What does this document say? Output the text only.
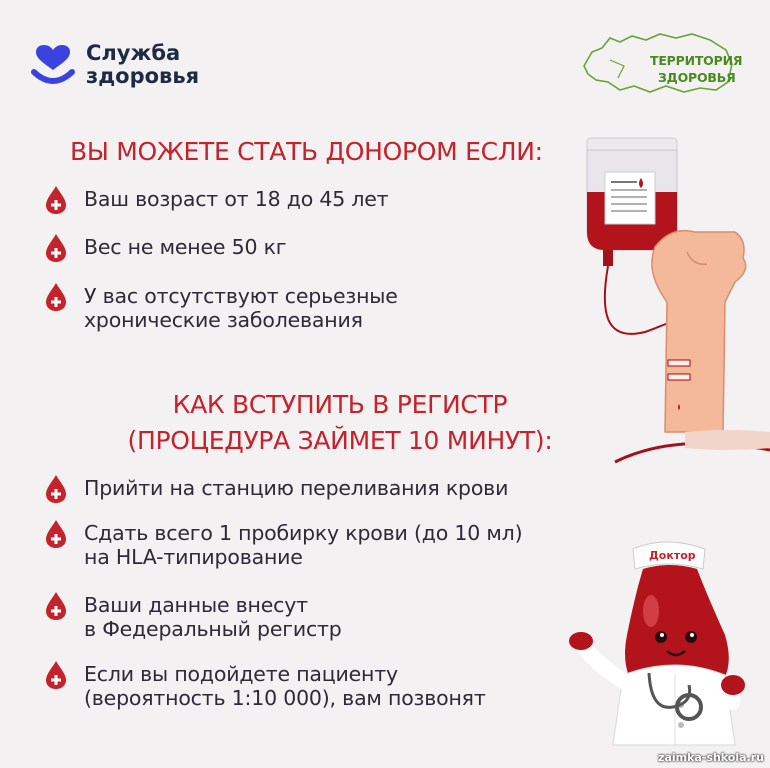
Служба
здоровья
ТЕРРИТОРИЯ
ЗДОРОВЬЯ
ВЫ МОЖЕТЕ СТАТЬ ДОНОРОМ ЕСЛИ:
Ваш возраст от 18 до 45 лет
Вес не менее 50 кг
У вас отсутствуют серьезные
хронические заболевания
КАК ВСТУПИТЬ В РЕГИСТР
(ПРОЦЕДУРА ЗАЙМЕТ 10 МИНУТ):
Прийти на станцию переливания крови
Сдать всего 1 пробирку крови (до 10 мл)
на HLA-типирование
Ваши данные внесут
в Федеральный регистр
Если вы подойдете пациенту
(вероятность 1:10 000), вам позвонят
Доктор
zaimka-shkola.ru
